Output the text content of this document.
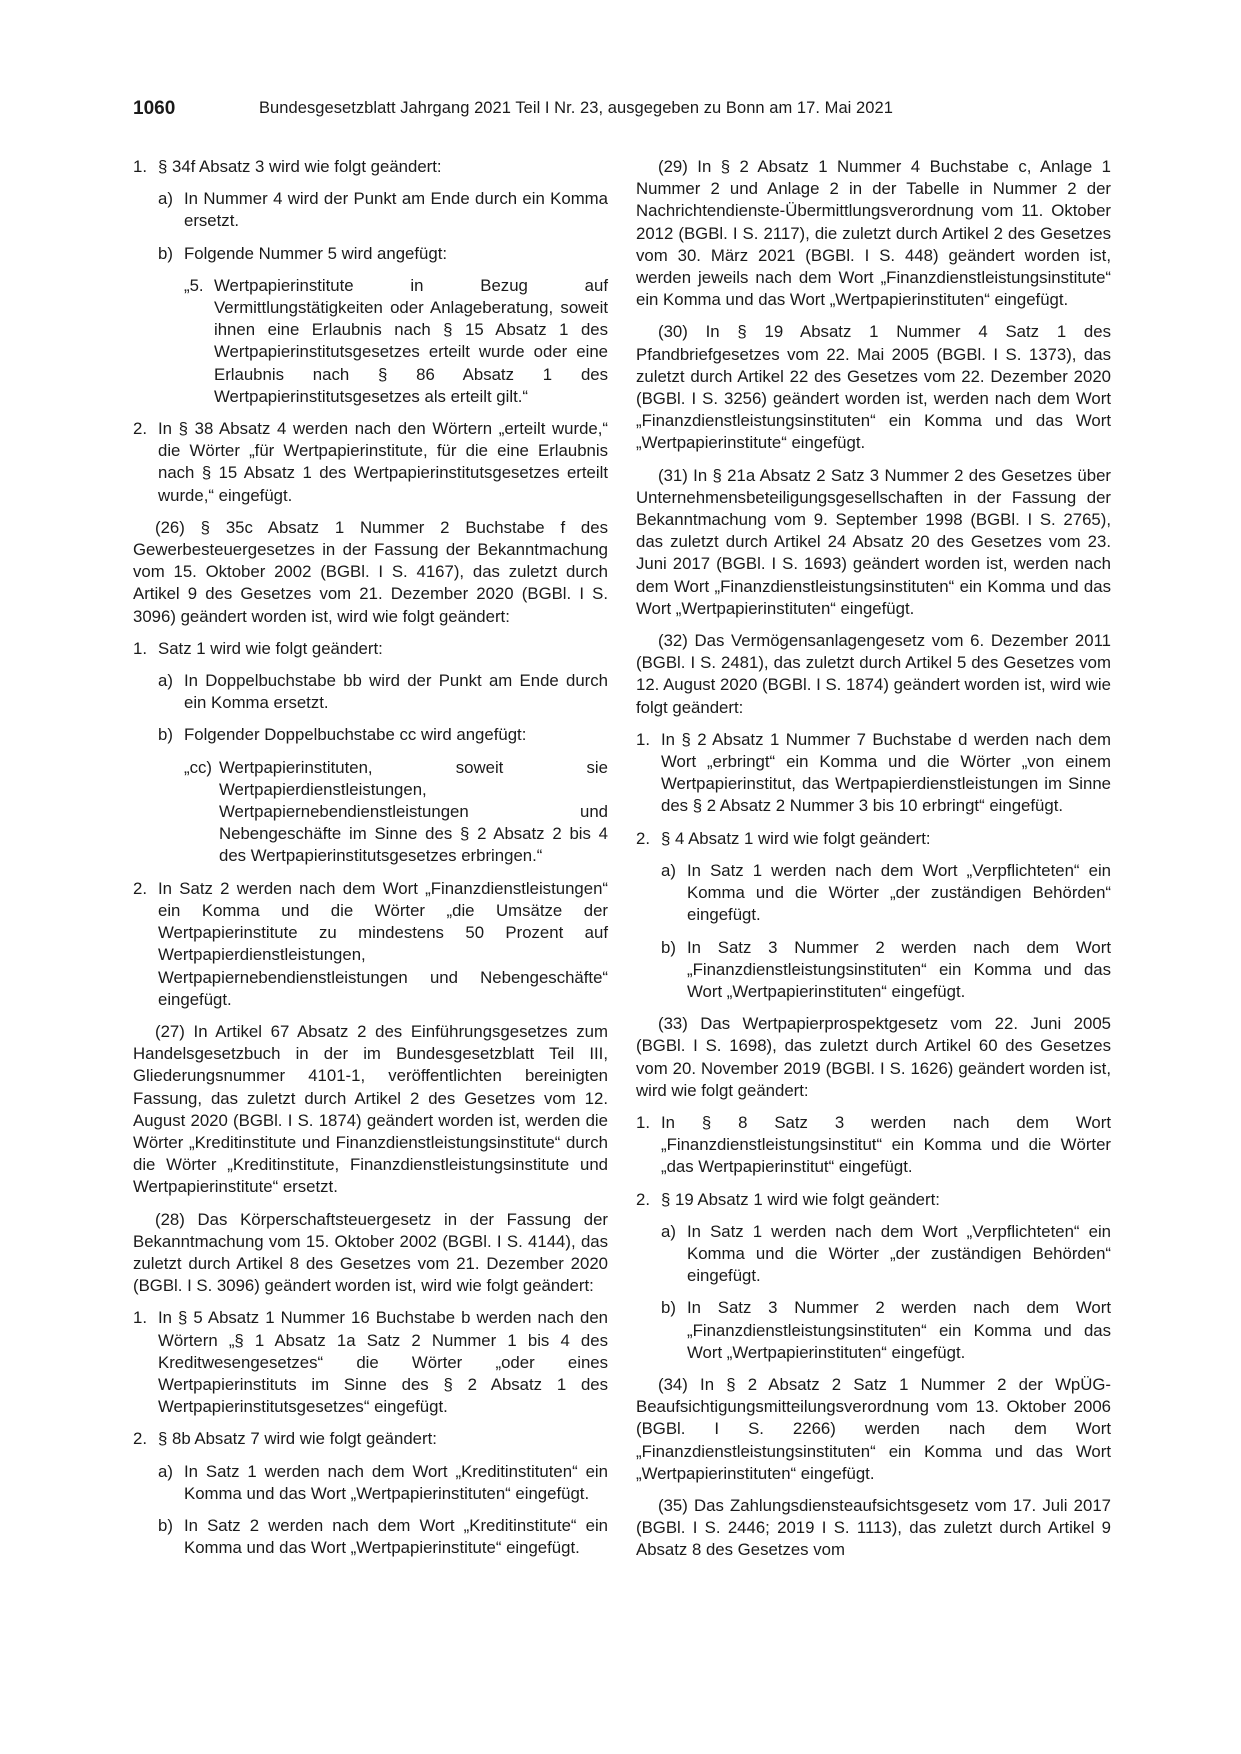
1060	Bundesgesetzblatt Jahrgang 2021 Teil I Nr. 23, ausgegeben zu Bonn am 17. Mai 2021
1. § 34f Absatz 3 wird wie folgt geändert:
a) In Nummer 4 wird der Punkt am Ende durch ein Komma ersetzt.
b) Folgende Nummer 5 wird angefügt:
„5. Wertpapierinstitute in Bezug auf Vermittlungstätigkeiten oder Anlageberatung, soweit ihnen eine Erlaubnis nach § 15 Absatz 1 des Wertpapierinstitutsgesetzes erteilt wurde oder eine Erlaubnis nach § 86 Absatz 1 des Wertpapierinstitutsgesetzes als erteilt gilt.“
2. In § 38 Absatz 4 werden nach den Wörtern „erteilt wurde,“ die Wörter „für Wertpapierinstitute, für die eine Erlaubnis nach § 15 Absatz 1 des Wertpapierinstitutsgesetzes erteilt wurde,“ eingefügt.
(26) § 35c Absatz 1 Nummer 2 Buchstabe f des Gewerbesteuergesetzes in der Fassung der Bekanntmachung vom 15. Oktober 2002 (BGBl. I S. 4167), das zuletzt durch Artikel 9 des Gesetzes vom 21. Dezember 2020 (BGBl. I S. 3096) geändert worden ist, wird wie folgt geändert:
1. Satz 1 wird wie folgt geändert:
a) In Doppelbuchstabe bb wird der Punkt am Ende durch ein Komma ersetzt.
b) Folgender Doppelbuchstabe cc wird angefügt:
„cc) Wertpapierinstituten, soweit sie Wertpapierdienstleistungen, Wertpapiernebendienstleistungen und Nebengeschäfte im Sinne des § 2 Absatz 2 bis 4 des Wertpapierinstitutsgesetzes erbringen.“
2. In Satz 2 werden nach dem Wort „Finanzdienstleistungen“ ein Komma und die Wörter „die Umsätze der Wertpapierinstitute zu mindestens 50 Prozent auf Wertpapierdienstleistungen, Wertpapiernebendienstleistungen und Nebengeschäfte“ eingefügt.
(27) In Artikel 67 Absatz 2 des Einführungsgesetzes zum Handelsgesetzbuch in der im Bundesgesetzblatt Teil III, Gliederungsnummer 4101-1, veröffentlichten bereinigten Fassung, das zuletzt durch Artikel 2 des Gesetzes vom 12. August 2020 (BGBl. I S. 1874) geändert worden ist, werden die Wörter „Kreditinstitute und Finanzdienstleistungsinstitute“ durch die Wörter „Kreditinstitute, Finanzdienstleistungsinstitute und Wertpapierinstitute“ ersetzt.
(28) Das Körperschaftsteuergesetz in der Fassung der Bekanntmachung vom 15. Oktober 2002 (BGBl. I S. 4144), das zuletzt durch Artikel 8 des Gesetzes vom 21. Dezember 2020 (BGBl. I S. 3096) geändert worden ist, wird wie folgt geändert:
1. In § 5 Absatz 1 Nummer 16 Buchstabe b werden nach den Wörtern „§ 1 Absatz 1a Satz 2 Nummer 1 bis 4 des Kreditwesengesetzes“ die Wörter „oder eines Wertpapierinstituts im Sinne des § 2 Absatz 1 des Wertpapierinstitutsgesetzes“ eingefügt.
2. § 8b Absatz 7 wird wie folgt geändert:
a) In Satz 1 werden nach dem Wort „Kreditinstituten“ ein Komma und das Wort „Wertpapierinstituten“ eingefügt.
b) In Satz 2 werden nach dem Wort „Kreditinstitute“ ein Komma und das Wort „Wertpapierinstitute“ eingefügt.
(29) In § 2 Absatz 1 Nummer 4 Buchstabe c, Anlage 1 Nummer 2 und Anlage 2 in der Tabelle in Nummer 2 der Nachrichtendienste-Übermittlungsverordnung vom 11. Oktober 2012 (BGBl. I S. 2117), die zuletzt durch Artikel 2 des Gesetzes vom 30. März 2021 (BGBl. I S. 448) geändert worden ist, werden jeweils nach dem Wort „Finanzdienstleistungsinstitute“ ein Komma und das Wort „Wertpapierinstituten“ eingefügt.
(30) In § 19 Absatz 1 Nummer 4 Satz 1 des Pfandbriefgesetzes vom 22. Mai 2005 (BGBl. I S. 1373), das zuletzt durch Artikel 22 des Gesetzes vom 22. Dezember 2020 (BGBl. I S. 3256) geändert worden ist, werden nach dem Wort „Finanzdienstleistungsinstituten“ ein Komma und das Wort „Wertpapierinstitute“ eingefügt.
(31) In § 21a Absatz 2 Satz 3 Nummer 2 des Gesetzes über Unternehmensbeteiligungsgesellschaften in der Fassung der Bekanntmachung vom 9. September 1998 (BGBl. I S. 2765), das zuletzt durch Artikel 24 Absatz 20 des Gesetzes vom 23. Juni 2017 (BGBl. I S. 1693) geändert worden ist, werden nach dem Wort „Finanzdienstleistungsinstituten“ ein Komma und das Wort „Wertpapierinstituten“ eingefügt.
(32) Das Vermögensanlagengesetz vom 6. Dezember 2011 (BGBl. I S. 2481), das zuletzt durch Artikel 5 des Gesetzes vom 12. August 2020 (BGBl. I S. 1874) geändert worden ist, wird wie folgt geändert:
1. In § 2 Absatz 1 Nummer 7 Buchstabe d werden nach dem Wort „erbringt“ ein Komma und die Wörter „von einem Wertpapierinstitut, das Wertpapierdienstleistungen im Sinne des § 2 Absatz 2 Nummer 3 bis 10 erbringt“ eingefügt.
2. § 4 Absatz 1 wird wie folgt geändert:
a) In Satz 1 werden nach dem Wort „Verpflichteten“ ein Komma und die Wörter „der zuständigen Behörden“ eingefügt.
b) In Satz 3 Nummer 2 werden nach dem Wort „Finanzdienstleistungsinstituten“ ein Komma und das Wort „Wertpapierinstituten“ eingefügt.
(33) Das Wertpapierprospektgesetz vom 22. Juni 2005 (BGBl. I S. 1698), das zuletzt durch Artikel 60 des Gesetzes vom 20. November 2019 (BGBl. I S. 1626) geändert worden ist, wird wie folgt geändert:
1. In § 8 Satz 3 werden nach dem Wort „Finanzdienstleistungsinstitut“ ein Komma und die Wörter „das Wertpapierinstitut“ eingefügt.
2. § 19 Absatz 1 wird wie folgt geändert:
a) In Satz 1 werden nach dem Wort „Verpflichteten“ ein Komma und die Wörter „der zuständigen Behörden“ eingefügt.
b) In Satz 3 Nummer 2 werden nach dem Wort „Finanzdienstleistungsinstituten“ ein Komma und das Wort „Wertpapierinstituten“ eingefügt.
(34) In § 2 Absatz 2 Satz 1 Nummer 2 der WpÜG-Beaufsichtigungsmitteilungsverordnung vom 13. Oktober 2006 (BGBl. I S. 2266) werden nach dem Wort „Finanzdienstleistungsinstituten“ ein Komma und das Wort „Wertpapierinstituten“ eingefügt.
(35) Das Zahlungsdiensteaufsichtsgesetz vom 17. Juli 2017 (BGBl. I S. 2446; 2019 I S. 1113), das zuletzt durch Artikel 9 Absatz 8 des Gesetzes vom
